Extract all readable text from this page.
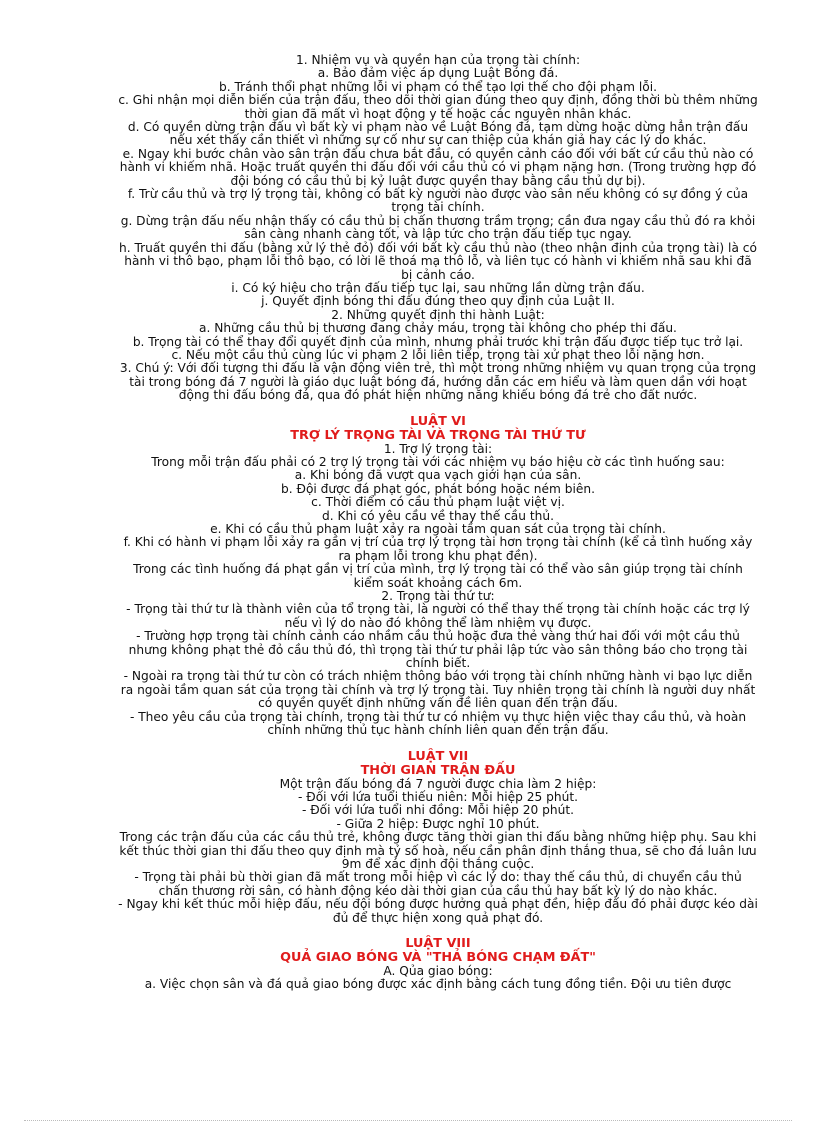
1. Nhiệm vụ và quyền hạn của trọng tài chính:

a. Bảo đảm việc áp dụng Luật Bóng đá.

b. Tránh thổi phạt những lỗi vi phạm có thể tạo lợi thế cho đội phạm lỗi.

c. Ghi nhận mọi diễn biến của trận đấu, theo dõi thời gian đúng theo quy định, đồng thời bù thêm những thời gian đã mất vì hoạt động y tế hoặc các nguyên nhân khác.

d. Có quyền dừng trận đấu vì bất kỳ vi phạm nào về Luật Bóng đá, tạm dừng hoặc dừng hẳn trận đấu nếu xét thấy cần thiết vì những sự cố như sự can thiệp của khán giả hay các lý do khác.

e. Ngay khi bước chân vào sân trận đấu chưa bắt đầu, có quyền cảnh cáo đối với bất cứ cầu thủ nào có hành vi khiếm nhã. Hoặc truất quyền thi đấu đối với cầu thủ có vi phạm nặng hơn. (Trong trường hợp đó đội bóng có cầu thủ bị kỷ luật được quyền thay bằng cầu thủ dự bị).

f. Trừ cầu thủ và trợ lý trọng tài, không có bất kỳ người nào được vào sân nếu không có sự đồng ý của trọng tài chính.

g. Dừng trận đấu nếu nhận thấy có cầu thủ bị chấn thương trầm trọng; cần đưa ngay cầu thủ đó ra khỏi sân càng nhanh càng tốt, và lập tức cho trận đấu tiếp tục ngay.

h. Truất quyền thi đấu (bằng xử lý thẻ đỏ) đối với bất kỳ cầu thủ nào (theo nhận định của trọng tài) là có hành vi thô bạo, phạm lỗi thô bạo, có lời lẽ thoá mạ thô lỗ, và liên tục có hành vi khiếm nhã sau khi đã bị cảnh cáo.

i. Có ký hiệu cho trận đấu tiếp tục lại, sau những lần dừng trận đấu.

j. Quyết định bóng thi đấu đúng theo quy định của Luật II.

2. Những quyết định thi hành Luật:

a. Những cầu thủ bị thương đang chảy máu, trọng tài không cho phép thi đấu.

b. Trọng tài có thể thay đổi quyết định của mình, nhưng phải trước khi trận đấu được tiếp tục trở lại.

c. Nếu một cầu thủ cùng lúc vi phạm 2 lỗi liên tiếp, trọng tài xử phạt theo lỗi nặng hơn.

3. Chú ý: Với đối tượng thi đấu là vận động viên trẻ, thì một trong những nhiệm vụ quan trọng của trọng tài trong bóng đá 7 người là giáo dục luật bóng đá, hướng dẫn các em hiểu và làm quen dần với hoạt động thi đấu bóng đá, qua đó phát hiện những năng khiếu bóng đá trẻ cho đất nước.

LUẬT VI

TRỢ LÝ TRỌNG TÀI VÀ TRỌNG TÀI THỨ TƯ

1. Trợ lý trọng tài:

Trong mỗi trận đấu phải có 2 trợ lý trọng tài với các nhiệm vụ báo hiệu cờ các tình huống sau:

a. Khi bóng đã vượt qua vạch giới hạn của sân.

b. Đội được đá phạt góc, phát bóng hoặc ném biên.

c. Thời điểm có cầu thủ phạm luật việt vị.

d. Khi có yêu cầu về thay thế cầu thủ.

e. Khi có cầu thủ phạm luật xảy ra ngoài tầm quan sát của trọng tài chính.

f. Khi có hành vi phạm lỗi xảy ra gần vị trí của trợ lý trọng tài hơn trọng tài chính (kể cả tình huống xảy ra phạm lỗi trong khu phạt đền).

Trong các tình huống đá phạt gần vị trí của mình, trợ lý trọng tài có thể vào sân giúp trọng tài chính kiểm soát khoảng cách 6m.

2. Trọng tài thứ tư:

- Trọng tài thứ tư là thành viên của tổ trọng tài, là người có thể thay thế trọng tài chính hoặc các trợ lý nếu vì lý do nào đó không thể làm nhiệm vụ được.

- Trường hợp trọng tài chính cảnh cáo nhầm cầu thủ hoặc đưa thẻ vàng thứ hai đối với một cầu thủ nhưng không phạt thẻ đỏ cầu thủ đó, thì trọng tài thứ tư phải lập tức vào sân thông báo cho trọng tài chính biết.

- Ngoài ra trọng tài thứ tư còn có trách nhiệm thông báo với trọng tài chính những hành vi bạo lực diễn ra ngoài tầm quan sát của trọng tài chính và trợ lý trọng tài. Tuy nhiên trọng tài chính là người duy nhất có quyền quyết định những vấn đề liên quan đến trận đấu.

- Theo yêu cầu của trọng tài chính, trọng tài thứ tư có nhiệm vụ thực hiện việc thay cầu thủ, và hoàn chỉnh những thủ tục hành chính liên quan đến trận đấu.

LUẬT VII

THỜI GIAN TRẬN ĐẤU

Một trận đấu bóng đá 7 người được chia làm 2 hiệp:

- Đối với lứa tuổi thiếu niên: Mỗi hiệp 25 phút.

- Đối với lứa tuổi nhi đồng: Mỗi hiệp 20 phút.

- Giữa 2 hiệp: Được nghỉ 10 phút.

Trong các trận đấu của các cầu thủ trẻ, không được tăng thời gian thi đấu bằng những hiệp phụ. Sau khi kết thúc thời gian thi đấu theo quy định mà tỷ số hoà, nếu cần phân định thắng thua, sẽ cho đá luân lưu 9m để xác định đội thắng cuộc.

- Trọng tài phải bù thời gian đã mất trong mỗi hiệp vì các lý do: thay thế cầu thủ, di chuyển cầu thủ chấn thương rời sân, có hành động kéo dài thời gian của cầu thủ hay bất kỳ lý do nào khác.

- Ngay khi kết thúc mỗi hiệp đấu, nếu đội bóng được hưởng quả phạt đền, hiệp đấu đó phải được kéo dài đủ để thực hiện xong quả phạt đó.

LUẬT VIII

QUẢ GIAO BÓNG VÀ "THẢ BÓNG CHẠM ĐẤT"

A. Qủa giao bóng:

a. Việc chọn sân và đá quả giao bóng được xác định bằng cách tung đồng tiền. Đội ưu tiên được
